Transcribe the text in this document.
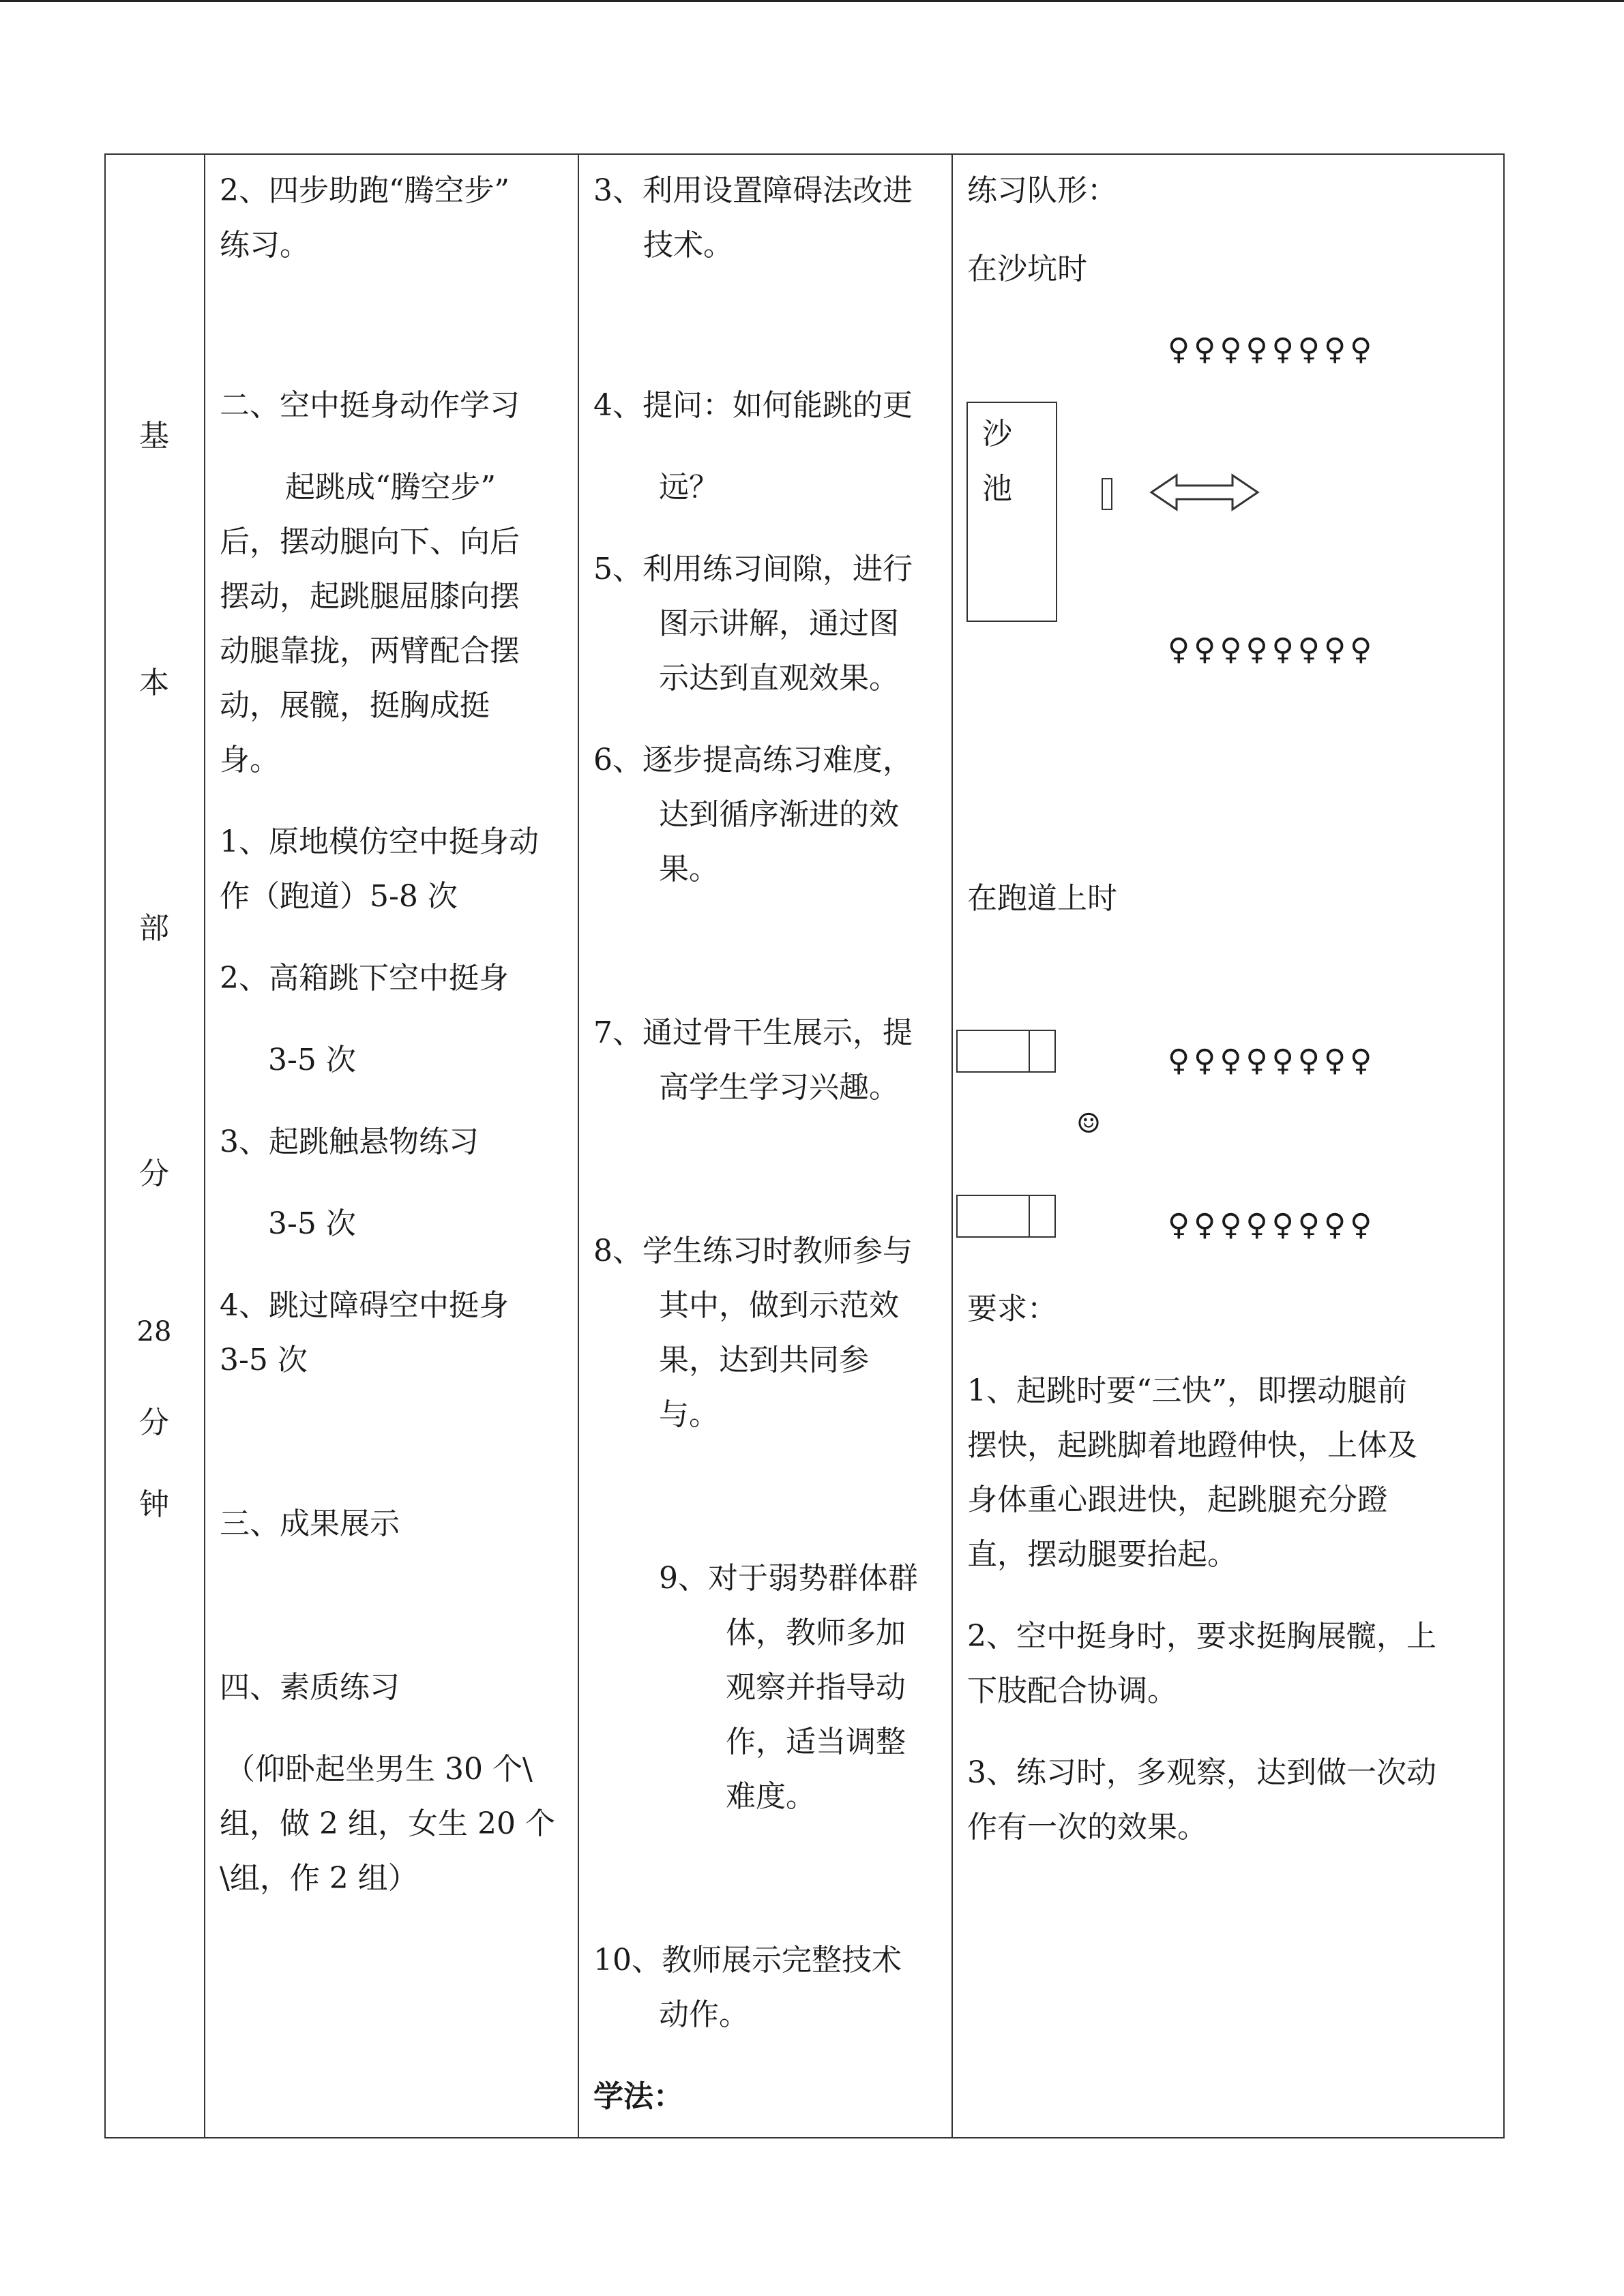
基
本
部
分
28
分
钟
2、四步助跑“腾空步”
练习。
二、空中挺身动作学习
起跳成“腾空步”
后，摆动腿向下、向后
摆动，起跳腿屈膝向摆
动腿靠拢，两臂配合摆
动，展髋，挺胸成挺
身。
1、原地模仿空中挺身动
作（跑道）5-8 次
2、高箱跳下空中挺身
3-5 次
3、起跳触悬物练习
3-5 次
4、跳过障碍空中挺身
3-5 次
三、成果展示
四、素质练习
（仰卧起坐男生 30 个\
组，做 2 组，女生 20 个
\组，作 2 组）
3、利用设置障碍法改进
技术。
4、提问：如何能跳的更
远？
5、利用练习间隙，进行
图示讲解，通过图
示达到直观效果。
6、逐步提高练习难度，
达到循序渐进的效
果。
7、通过骨干生展示，提
高学生学习兴趣。
8、学生练习时教师参与
其中，做到示范效
果，达到共同参
与。
9、对于弱势群体群
体，教师多加
观察并指导动
作，适当调整
难度。
10、教师展示完整技术
动作。
学法：
练习队形：
在沙坑时
♀♀♀♀♀♀♀♀
沙
池
♀♀♀♀♀♀♀♀
在跑道上时
♀♀♀♀♀♀♀♀
☺
♀♀♀♀♀♀♀♀
要求：
1、起跳时要“三快”，即摆动腿前
摆快，起跳脚着地蹬伸快，上体及
身体重心跟进快，起跳腿充分蹬
直，摆动腿要抬起。
2、空中挺身时，要求挺胸展髋，上
下肢配合协调。
3、练习时，多观察，达到做一次动
作有一次的效果。
